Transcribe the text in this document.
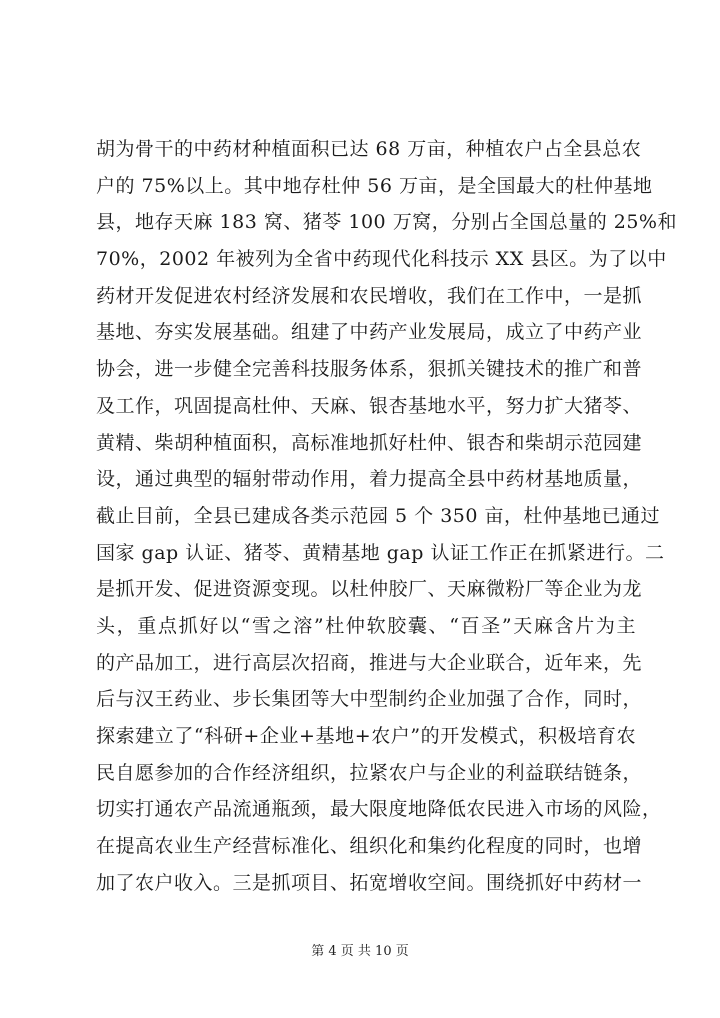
胡为骨干的中药材种植面积已达 68 万亩，种植农户占全县总农
户的 75%以上。其中地存杜仲 56 万亩，是全国最大的杜仲基地
县，地存天麻 183 窝、猪苓 100 万窝，分别占全国总量的 25%和
70%，2002 年被列为全省中药现代化科技示 XX 县区。为了以中
药材开发促进农村经济发展和农民增收，我们在工作中，一是抓
基地、夯实发展基础。组建了中药产业发展局，成立了中药产业
协会，进一步健全完善科技服务体系，狠抓关键技术的推广和普
及工作，巩固提高杜仲、天麻、银杏基地水平，努力扩大猪苓、
黄精、柴胡种植面积，高标准地抓好杜仲、银杏和柴胡示范园建
设，通过典型的辐射带动作用，着力提高全县中药材基地质量，
截止目前，全县已建成各类示范园 5 个 350 亩，杜仲基地已通过
国家 gap 认证、猪苓、黄精基地 gap 认证工作正在抓紧进行。二
是抓开发、促进资源变现。以杜仲胶厂、天麻微粉厂等企业为龙
头，重点抓好以“雪之溶”杜仲软胶囊、“百圣”天麻含片为主
的产品加工，进行高层次招商，推进与大企业联合，近年来，先
后与汉王药业、步长集团等大中型制约企业加强了合作，同时，
探索建立了“科研+企业+基地+农户”的开发模式，积极培育农
民自愿参加的合作经济组织，拉紧农户与企业的利益联结链条，
切实打通农产品流通瓶颈，最大限度地降低农民进入市场的风险，
在提高农业生产经营标准化、组织化和集约化程度的同时，也增
加了农户收入。三是抓项目、拓宽增收空间。围绕抓好中药材一
第 4 页 共 10 页
